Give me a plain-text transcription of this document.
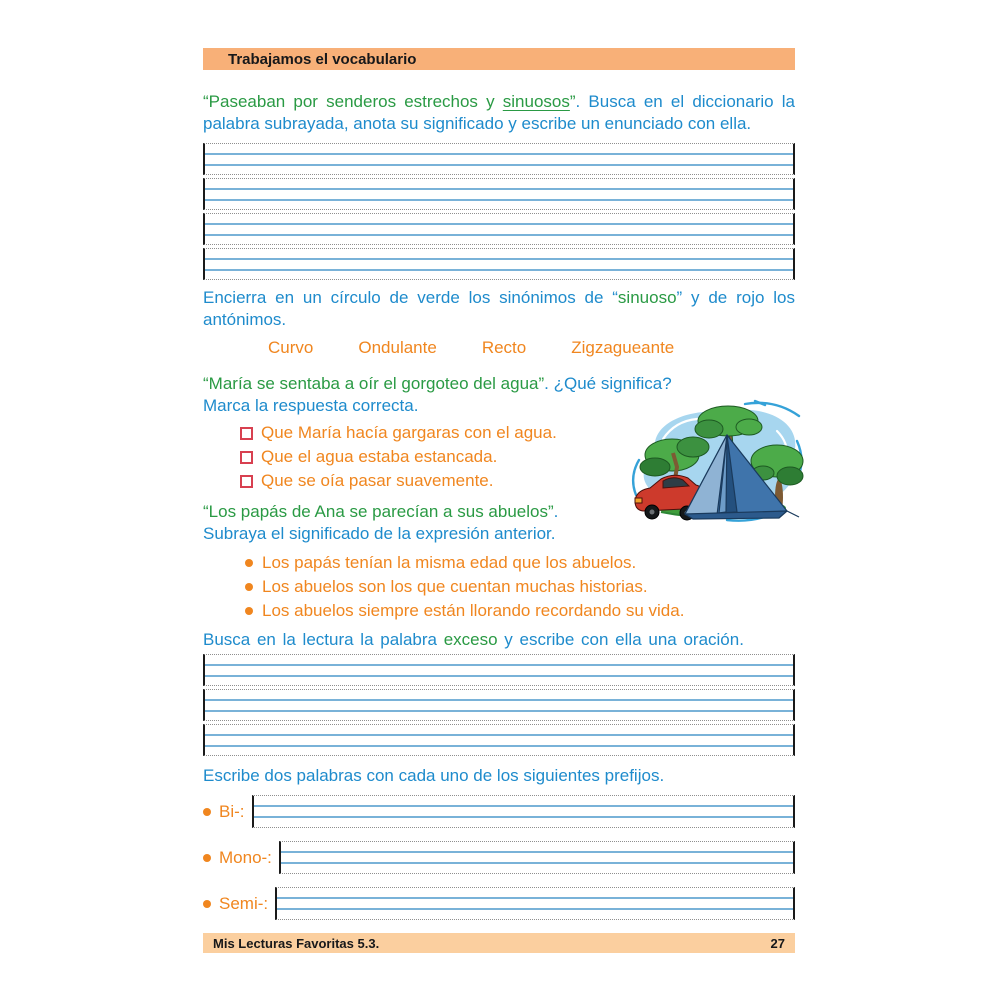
Trabajamos el vocabulario
“Paseaban por senderos estrechos y sinuosos”. Busca en el diccionario la palabra subrayada, anota su significado y escribe un enunciado con ella.
Encierra en un círculo de verde los sinónimos de “sinuoso” y de rojo los antónimos.
Curvo	Ondulante	Recto	Zigzagueante
“María se sentaba a oír el gorgoteo del agua”. ¿Qué significa?
Marca la respuesta correcta.
Que María hacía gargaras con el agua.
Que el agua estaba estancada.
Que se oía pasar suavemente.
“Los papás de Ana se parecían a sus abuelos”.
Subraya el significado de la expresión anterior.
Los papás tenían la misma edad que los abuelos.
Los abuelos son los que cuentan muchas historias.
Los abuelos siempre están llorando recordando su vida.
Busca en la lectura la palabra exceso y escribe con ella una oración.
Escribe dos palabras con cada uno de los siguientes prefijos.
Bi-:
Mono-:
Semi-:
Mis Lecturas Favoritas 5.3.	27
